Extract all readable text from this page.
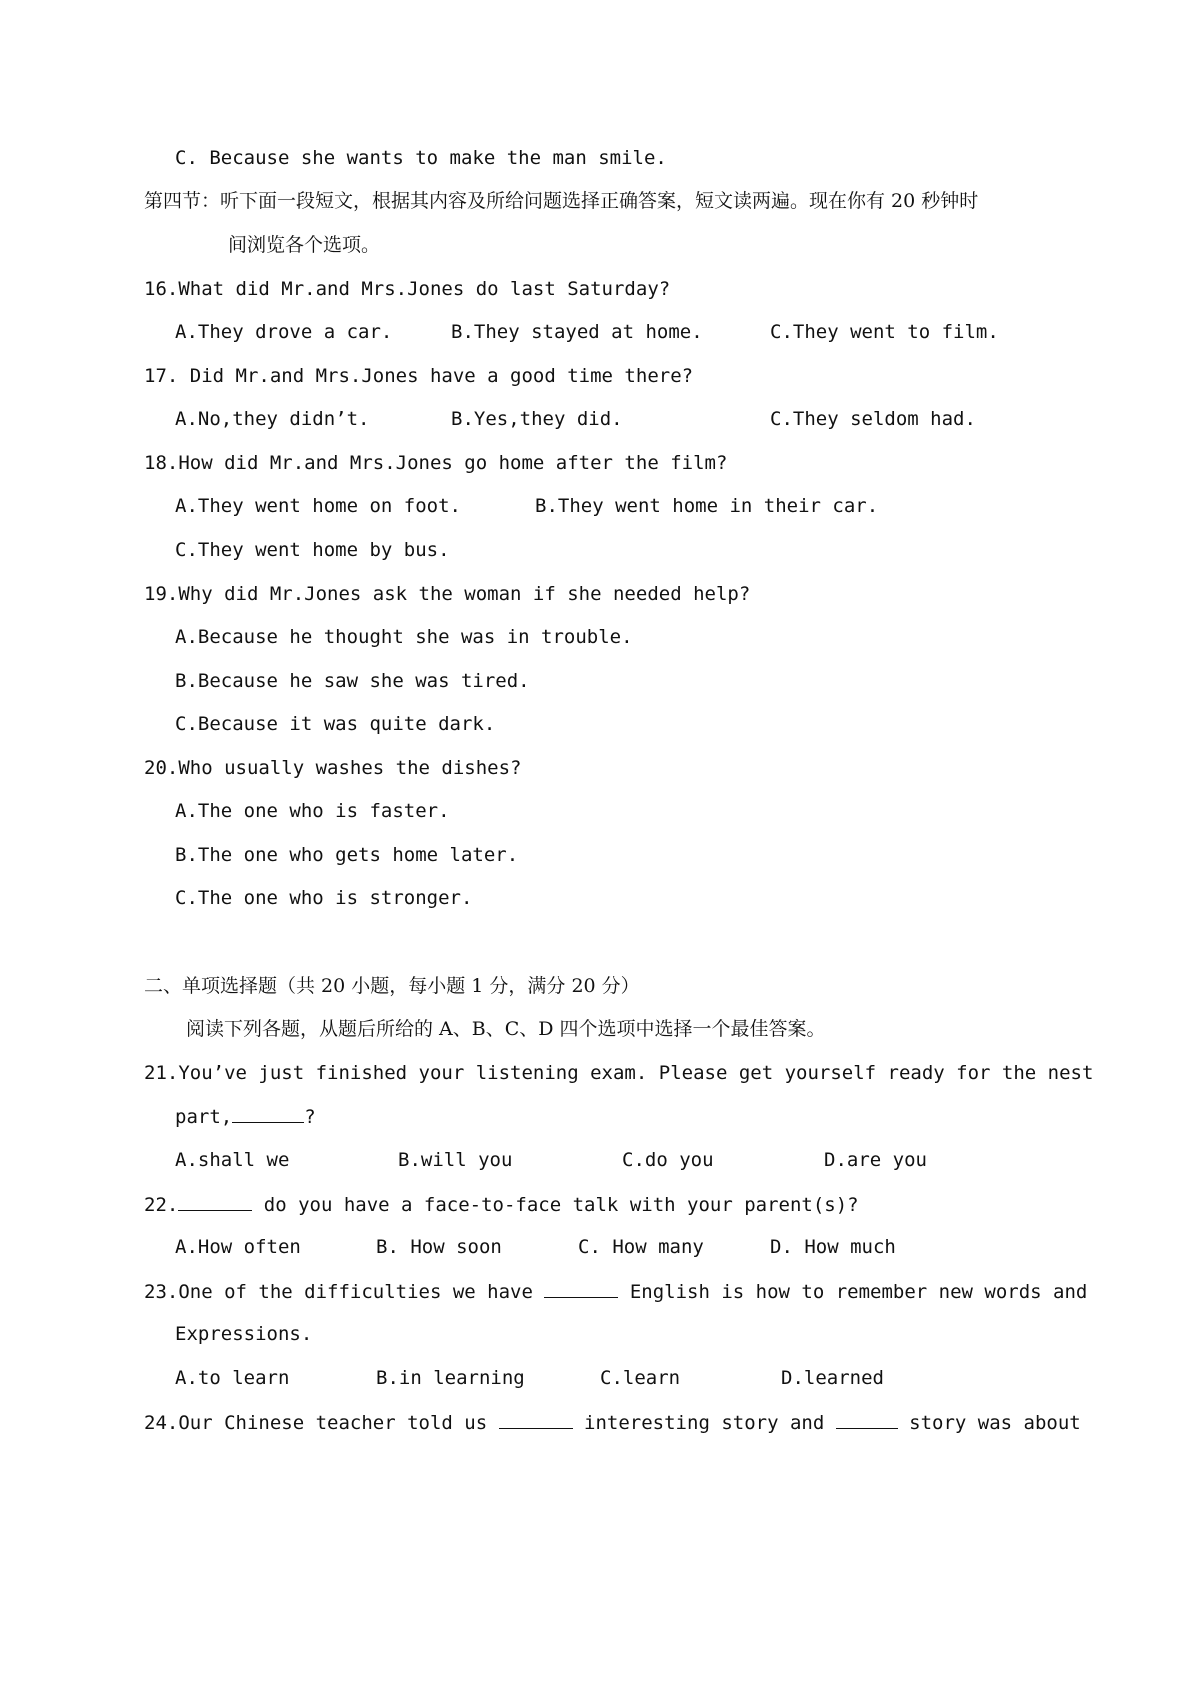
C. Because she wants to make the man smile.
第四节：听下面一段短文，根据其内容及所给问题选择正确答案，短文读两遍。现在你有 20 秒钟时
间浏览各个选项。
16.What did Mr.and Mrs.Jones do last Saturday?
A.They drove a car.	B.They stayed at home.	C.They went to film.
17. Did Mr.and Mrs.Jones have a good time there?
A.No,they didn’t.	B.Yes,they did.	C.They seldom had.
18.How did Mr.and Mrs.Jones go home after the film?
A.They went home on foot.	B.They went home in their car.
C.They went home by bus.
19.Why did Mr.Jones ask the woman if she needed help?
A.Because he thought she was in trouble.
B.Because he saw she was tired.
C.Because it was quite dark.
20.Who usually washes the dishes?
A.The one who is faster.
B.The one who gets home later.
C.The one who is stronger.
二、单项选择题（共 20 小题，每小题 1 分，满分 20 分）
阅读下列各题，从题后所给的 A、B、C、D 四个选项中选择一个最佳答案。
21.You’ve just finished your listening exam. Please get yourself ready for the nest
part,	?
A.shall we	B.will you	C.do you	D.are you
22.	do you have a face-to-face talk with your parent(s)?
A.How often	B. How soon	C. How many	D. How much
23.One of the difficulties we have	English is how to remember new words and
Expressions.
A.to learn	B.in learning	C.learn	D.learned
24.Our Chinese teacher told us	interesting story and	story was about
